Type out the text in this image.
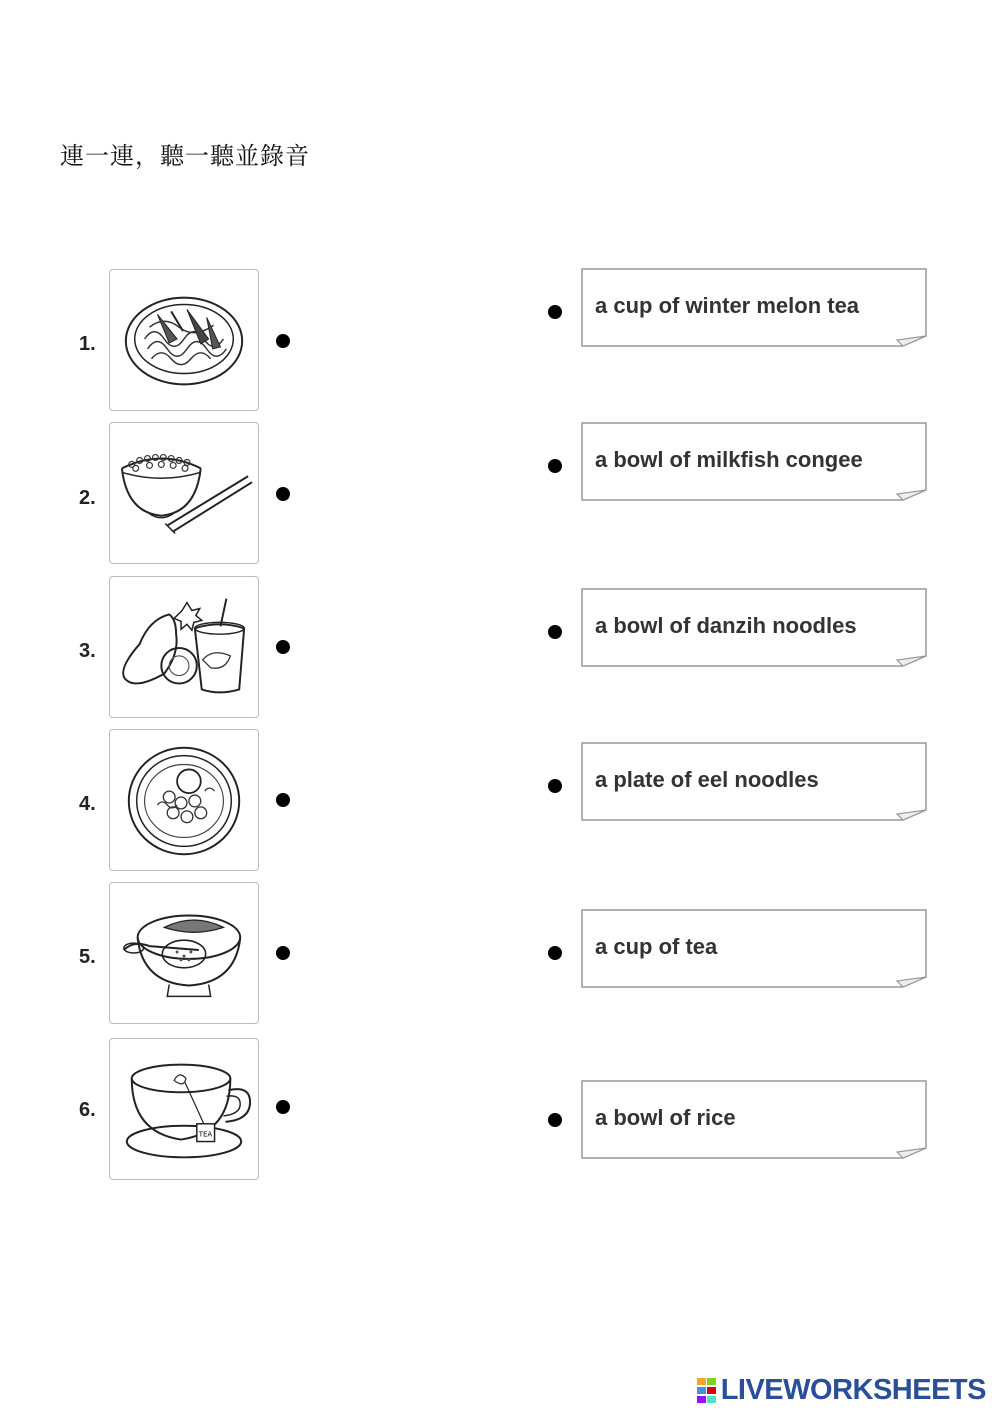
連一連，聽一聽並錄音
1.
2.
3.
4.
5.
6.
TEA
a cup of winter melon tea
a bowl of milkfish congee
a bowl of danzih noodles
a plate of eel noodles
a cup of tea
a bowl of rice
LIVEWORKSHEETS
